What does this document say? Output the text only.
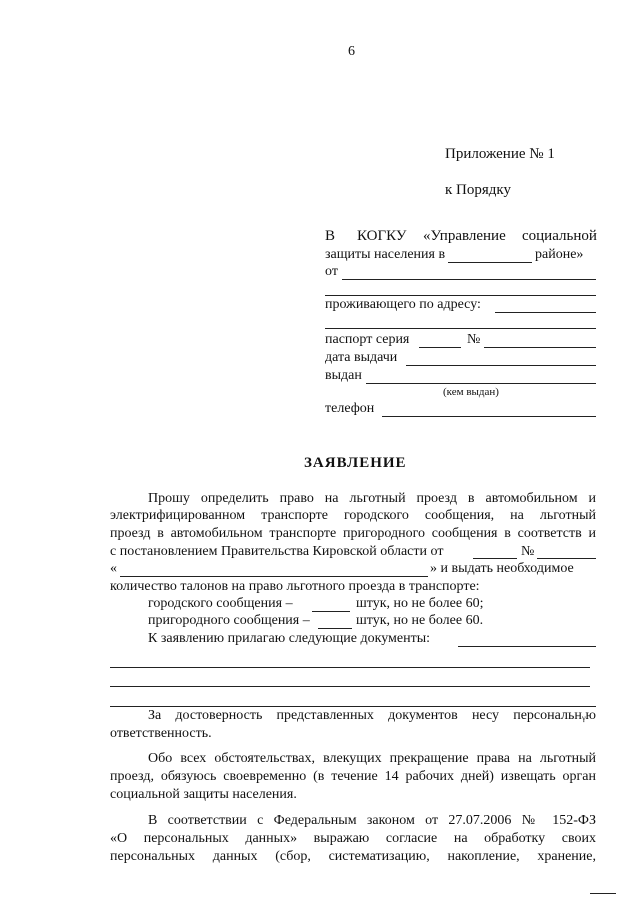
6
Приложение № 1
к Порядку
В КОГКУ «Управление социальной
защиты населения в	районе»
от
проживающего по адресу:
паспорт серия	№
дата выдачи
выдан
(кем выдан)
телефон
ЗАЯВЛЕНИЕ
Прошу определить право на льготный проезд в автомобильном и
электрифицированном транспорте городского сообщения, на льготный
проезд в автомобильном транспорте пригородного сообщения в соответств и
с постановлением Правительства Кировской области от	№
«	» и выдать необходимое
количество талонов на право льготного проезда в транспорте:
городского сообщения –	штук, но не более 60;
пригородного сообщения –	штук, но не более 60.
К заявлению прилагаю следующие документы:
За достоверность представленных документов несу персональнᵧю
ответственность.
Обо всех обстоятельствах, влекущих прекращение права на льготный
проезд, обязуюсь своевременно (в течение 14 рабочих дней) извещать орган
социальной защиты населения.
В соответствии с Федеральным законом от 27.07.2006 № 152-ФЗ
«О персональных данных» выражаю согласие на обработку своих
персональных данных (сбор, систематизацию, накопление, хранение,
